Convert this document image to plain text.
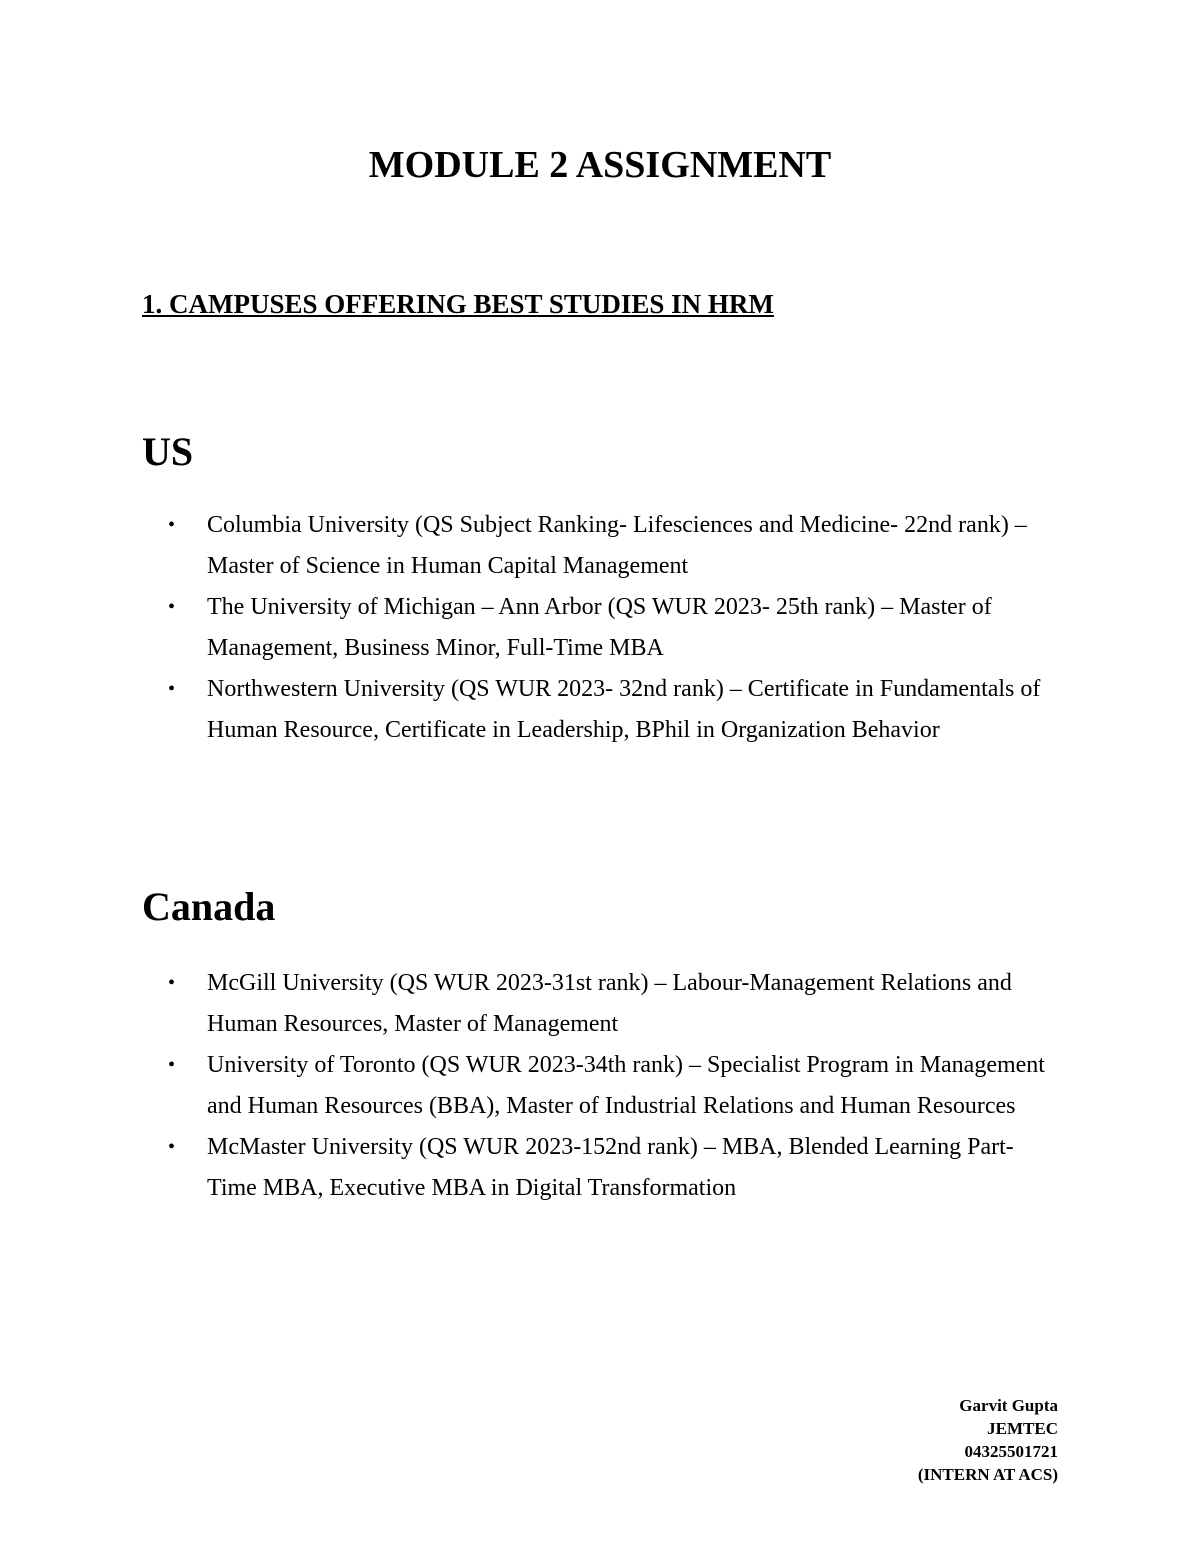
MODULE 2 ASSIGNMENT
1. CAMPUSES OFFERING BEST STUDIES IN HRM
US
• Columbia University (QS Subject Ranking- Lifesciences and Medicine- 22nd rank) – Master of Science in Human Capital Management
• The University of Michigan – Ann Arbor (QS WUR 2023- 25th rank) – Master of Management, Business Minor, Full-Time MBA
• Northwestern University (QS WUR 2023- 32nd rank) – Certificate in Fundamentals of Human Resource, Certificate in Leadership, BPhil in Organization Behavior
Canada
• McGill University (QS WUR 2023-31st rank) – Labour-Management Relations and Human Resources, Master of Management
• University of Toronto (QS WUR 2023-34th rank) – Specialist Program in Management and Human Resources (BBA), Master of Industrial Relations and Human Resources
• McMaster University (QS WUR 2023-152nd rank) – MBA, Blended Learning Part-Time MBA, Executive MBA in Digital Transformation
Garvit Gupta
JEMTEC
04325501721
(INTERN AT ACS)
